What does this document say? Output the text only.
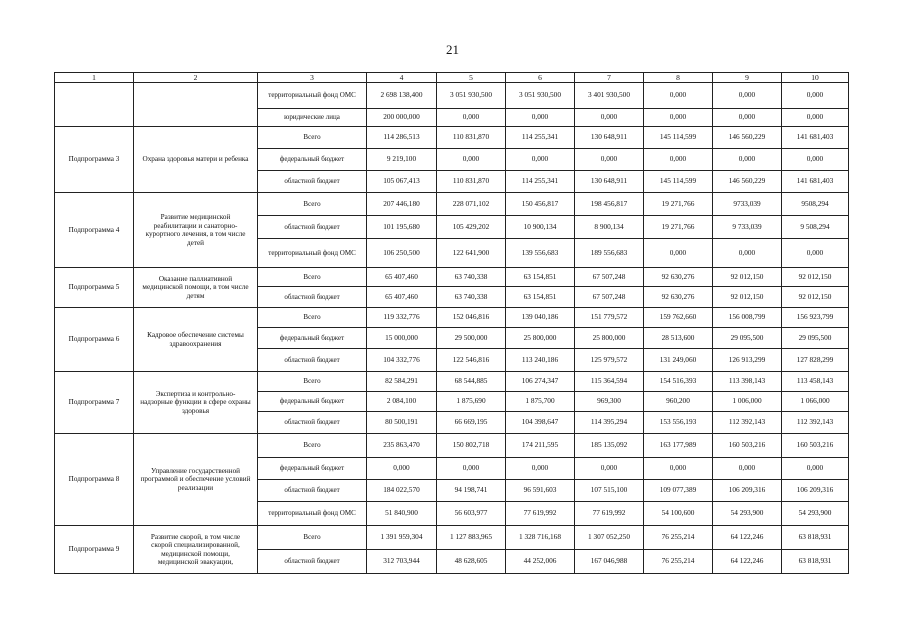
21
1	2	3	4	5	6	7	8	9	10
		территориальный фонд ОМС	2 698 138,400	3 051 930,500	3 051 930,500	3 401 930,500	0,000	0,000	0,000
		юридические лица	200 000,000	0,000	0,000	0,000	0,000	0,000	0,000
Подпрограмма 3	Охрана здоровья матери и ребенка	Всего	114 286,513	110 831,870	114 255,341	130 648,911	145 114,599	146 560,229	141 681,403
		федеральный бюджет	9 219,100	0,000	0,000	0,000	0,000	0,000	0,000
		областной бюджет	105 067,413	110 831,870	114 255,341	130 648,911	145 114,599	146 560,229	141 681,403
Подпрограмма 4	Развитие медицинской реабилитации и санаторно-курортного лечения, в том числе детей	Всего	207 446,180	228 071,102	150 456,817	198 456,817	19 271,766	9733,039	9508,294
		областной бюджет	101 195,680	105 429,202	10 900,134	8 900,134	19 271,766	9 733,039	9 508,294
		территориальный фонд ОМС	106 250,500	122 641,900	139 556,683	189 556,683	0,000	0,000	0,000
Подпрограмма 5	Оказание паллиативной медицинской помощи, в том числе детям	Всего	65 407,460	63 740,338	63 154,851	67 507,248	92 630,276	92 012,150	92 012,150
		областной бюджет	65 407,460	63 740,338	63 154,851	67 507,248	92 630,276	92 012,150	92 012,150
Подпрограмма 6	Кадровое обеспечение системы здравоохранения	Всего	119 332,776	152 046,816	139 040,186	151 779,572	159 762,660	156 008,799	156 923,799
		федеральный бюджет	15 000,000	29 500,000	25 800,000	25 800,000	28 513,600	29 095,500	29 095,500
		областной бюджет	104 332,776	122 546,816	113 240,186	125 979,572	131 249,060	126 913,299	127 828,299
Подпрограмма 7	Экспертиза и контрольно-надзорные функции в сфере охраны здоровья	Всего	82 584,291	68 544,885	106 274,347	115 364,594	154 516,393	113 398,143	113 458,143
		федеральный бюджет	2 084,100	1 875,690	1 875,700	969,300	960,200	1 006,000	1 066,000
		областной бюджет	80 500,191	66 669,195	104 398,647	114 395,294	153 556,193	112 392,143	112 392,143
Подпрограмма 8	Управление государственной программой и обеспечение условий реализации	Всего	235 863,470	150 802,718	174 211,595	185 135,092	163 177,989	160 503,216	160 503,216
		федеральный бюджет	0,000	0,000	0,000	0,000	0,000	0,000	0,000
		областной бюджет	184 022,570	94 198,741	96 591,603	107 515,100	109 077,389	106 209,316	106 209,316
		территориальный фонд ОМС	51 840,900	56 603,977	77 619,992	77 619,992	54 100,600	54 293,900	54 293,900
Подпрограмма 9	Развитие скорой, в том числе скорой специализированной, медицинской помощи, медицинской эвакуации,	Всего	1 391 959,304	1 127 883,965	1 328 716,168	1 307 052,250	76 255,214	64 122,246	63 818,931
		областной бюджет	312 703,944	48 628,605	44 252,006	167 046,988	76 255,214	64 122,246	63 818,931
